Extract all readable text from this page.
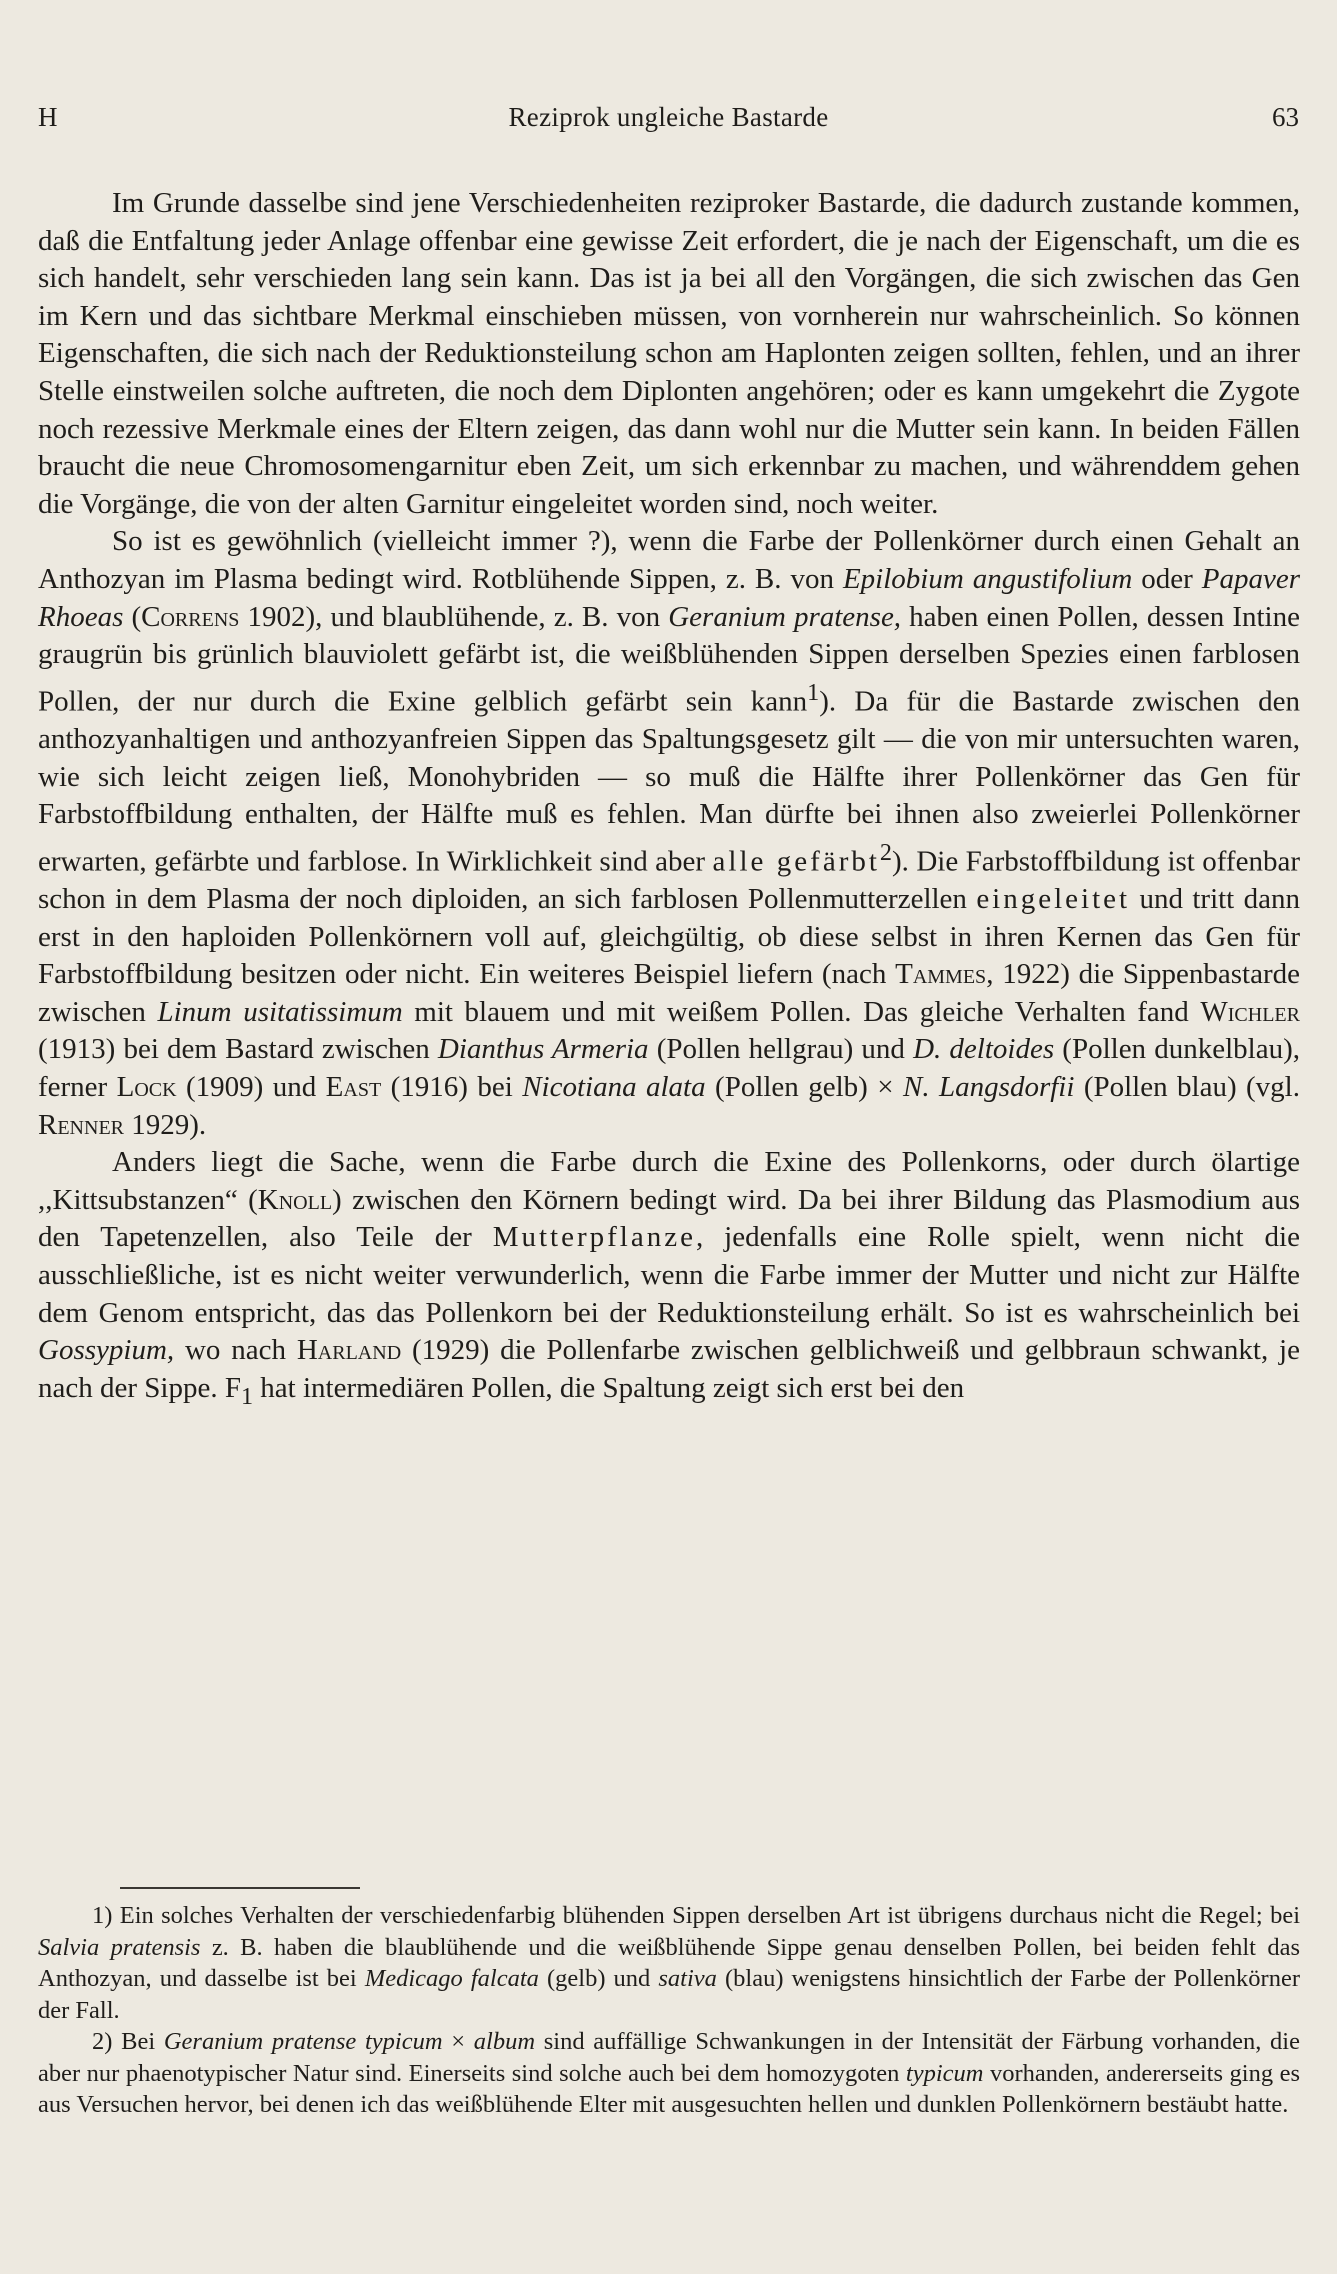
H	Reziprok ungleiche Bastarde	63

Im Grunde dasselbe sind jene Verschiedenheiten reziproker Bastarde, die dadurch zustande kommen, daß die Entfaltung jeder Anlage offenbar eine gewisse Zeit erfordert, die je nach der Eigenschaft, um die es sich handelt, sehr verschieden lang sein kann. Das ist ja bei all den Vorgängen, die sich zwischen das Gen im Kern und das sichtbare Merkmal einschieben müssen, von vornherein nur wahrscheinlich. So können Eigenschaften, die sich nach der Reduktionsteilung schon am Haplonten zeigen sollten, fehlen, und an ihrer Stelle einstweilen solche auftreten, die noch dem Diplonten angehören; oder es kann umgekehrt die Zygote noch rezessive Merkmale eines der Eltern zeigen, das dann wohl nur die Mutter sein kann. In beiden Fällen braucht die neue Chromosomengarnitur eben Zeit, um sich erkennbar zu machen, und währenddem gehen die Vorgänge, die von der alten Garnitur eingeleitet worden sind, noch weiter.

So ist es gewöhnlich (vielleicht immer ?), wenn die Farbe der Pollenkörner durch einen Gehalt an Anthozyan im Plasma bedingt wird. Rotblühende Sippen, z. B. von Epilobium angustifolium oder Papaver Rhoeas (Correns 1902), und blaublühende, z. B. von Geranium pratense, haben einen Pollen, dessen Intine graugrün bis grünlich blauviolett gefärbt ist, die weißblühenden Sippen derselben Spezies einen farblosen Pollen, der nur durch die Exine gelblich gefärbt sein kann$^1$). Da für die Bastarde zwischen den anthozyanhaltigen und anthozyanfreien Sippen das Spaltungsgesetz gilt — die von mir untersuchten waren, wie sich leicht zeigen ließ, Monohybriden — so muß die Hälfte ihrer Pollenkörner das Gen für Farbstoffbildung enthalten, der Hälfte muß es fehlen. Man dürfte bei ihnen also zweierlei Pollenkörner erwarten, gefärbte und farblose. In Wirklichkeit sind aber alle gefärbt$^2$). Die Farbstoffbildung ist offenbar schon in dem Plasma der noch diploiden, an sich farblosen Pollenmutterzellen eingeleitet und tritt dann erst in den haploiden Pollenkörnern voll auf, gleichgültig, ob diese selbst in ihren Kernen das Gen für Farbstoffbildung besitzen oder nicht. Ein weiteres Beispiel liefern (nach Tammes, 1922) die Sippenbastarde zwischen Linum usitatissimum mit blauem und mit weißem Pollen. Das gleiche Verhalten fand Wichler (1913) bei dem Bastard zwischen Dianthus Armeria (Pollen hellgrau) und D. deltoides (Pollen dunkelblau), ferner Lock (1909) und East (1916) bei Nicotiana alata (Pollen gelb) × N. Langsdorfii (Pollen blau) (vgl. Renner 1929).

Anders liegt die Sache, wenn die Farbe durch die Exine des Pollenkorns, oder durch ölartige ,,Kittsubstanzen“ (Knoll) zwischen den Körnern bedingt wird. Da bei ihrer Bildung das Plasmodium aus den Tapetenzellen, also Teile der Mutterpflanze, jedenfalls eine Rolle spielt, wenn nicht die ausschließliche, ist es nicht weiter verwunderlich, wenn die Farbe immer der Mutter und nicht zur Hälfte dem Genom entspricht, das das Pollenkorn bei der Reduktionsteilung erhält. So ist es wahrscheinlich bei Gossypium, wo nach Harland (1929) die Pollenfarbe zwischen gelblichweiß und gelbbraun schwankt, je nach der Sippe. $F_1$ hat intermediären Pollen, die Spaltung zeigt sich erst bei den

1) Ein solches Verhalten der verschiedenfarbig blühenden Sippen derselben Art ist übrigens durchaus nicht die Regel; bei Salvia pratensis z. B. haben die blaublühende und die weißblühende Sippe genau denselben Pollen, bei beiden fehlt das Anthozyan, und dasselbe ist bei Medicago falcata (gelb) und sativa (blau) wenigstens hinsichtlich der Farbe der Pollenkörner der Fall.

2) Bei Geranium pratense typicum × album sind auffällige Schwankungen in der Intensität der Färbung vorhanden, die aber nur phaenotypischer Natur sind. Einerseits sind solche auch bei dem homozygoten typicum vorhanden, andererseits ging es aus Versuchen hervor, bei denen ich das weißblühende Elter mit ausgesuchten hellen und dunklen Pollenkörnern bestäubt hatte.
